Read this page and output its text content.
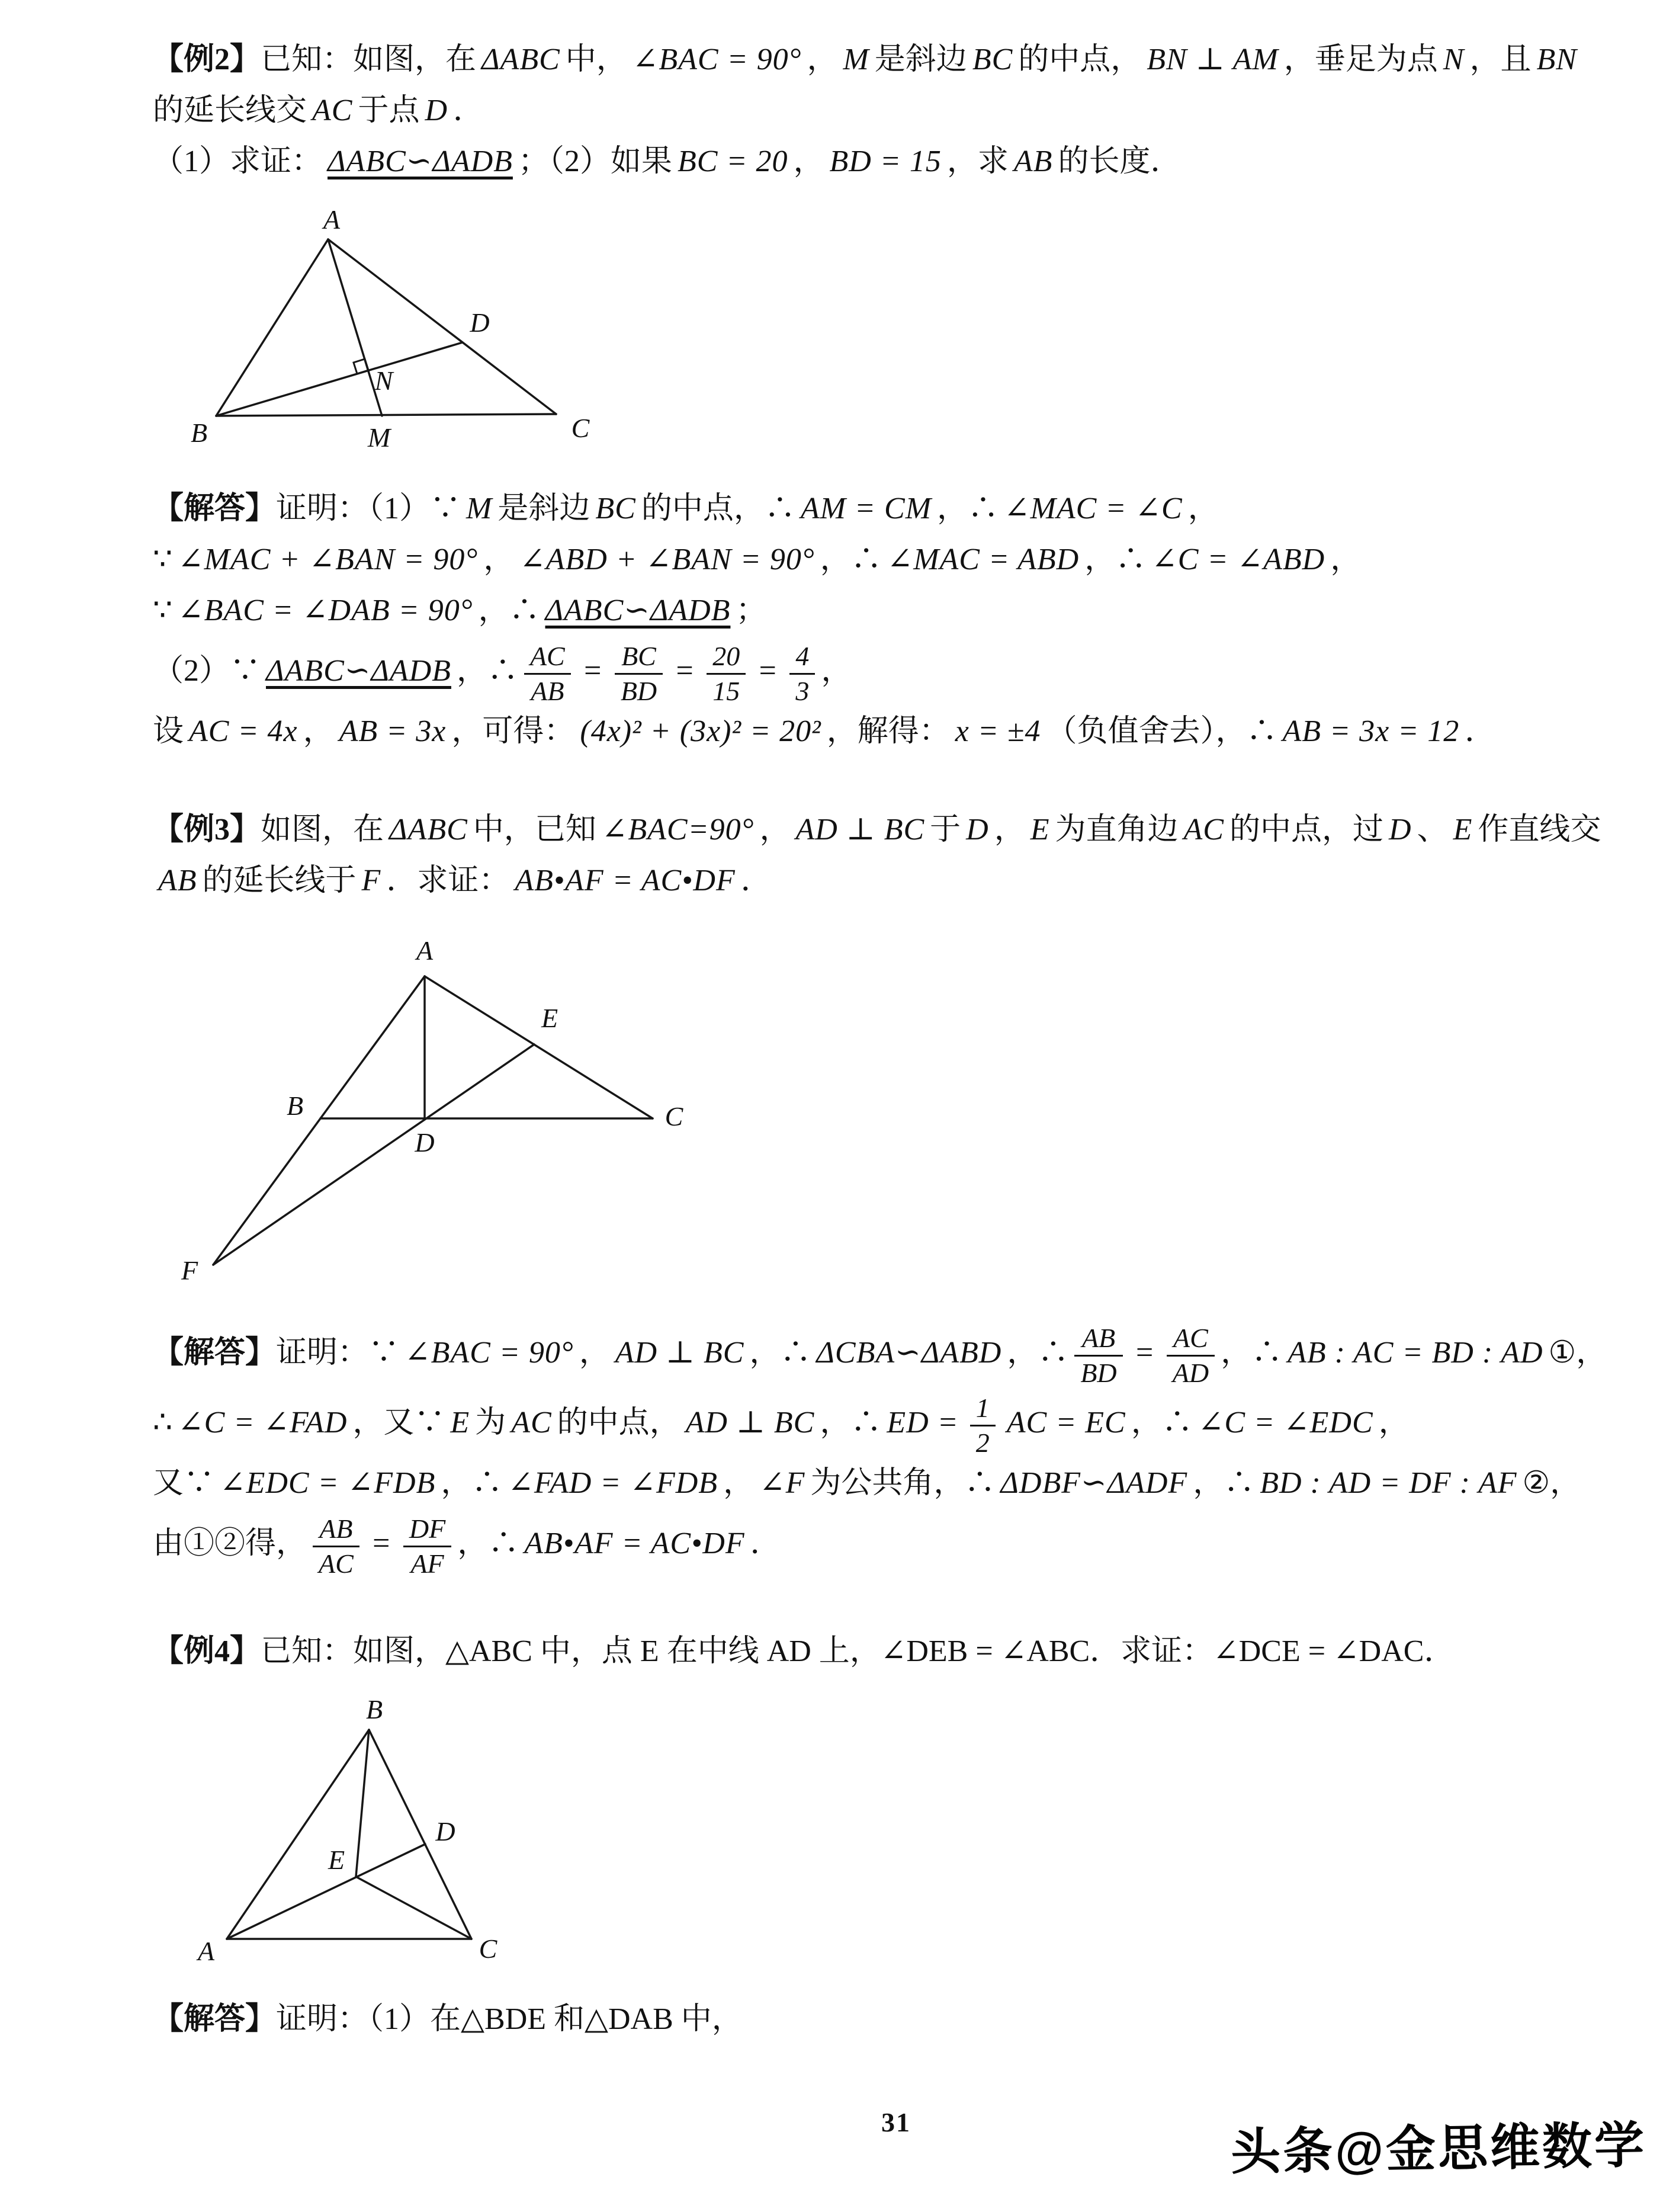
【例2】已知：如图，在 ΔABC 中， ∠BAC = 90° ， M 是斜边 BC 的中点， BN ⊥ AM ，垂足为点 N ，且 BN
的延长线交 AC 于点 D ．
（1）求证： ΔABC∽ΔADB ；（2）如果 BC = 20 ， BD = 15 ，求 AB 的长度．
A
B	C
M
D
N
【解答】证明：（1）∵ M 是斜边 BC 的中点，∴ AM = CM ，∴ ∠MAC = ∠C ，
∵ ∠MAC + ∠BAN = 90° ， ∠ABD + ∠BAN = 90° ，∴ ∠MAC = ABD ，∴ ∠C = ∠ABD ，
∵ ∠BAC = ∠DAB = 90° ，∴ ΔABC∽ΔADB ；
（2）∵ ΔABC∽ΔADB ，∴ $\frac{AC}{AB} = \frac{BC}{BD} = \frac{20}{15} = \frac{4}{3}$ ，
设 AC = 4x ， AB = 3x ，可得： (4x)² + (3x)² = 20² ，解得： x = ±4 （负值舍去），∴ AB = 3x = 12 ．
【例3】如图，在 ΔABC 中，已知 ∠BAC=90° ， AD ⊥ BC 于 D ， E 为直角边 AC 的中点，过 D 、 E 作直线交
AB 的延长线于 F ．求证： AB•AF = AC•DF ．
A
B	C
D
E
F
【解答】证明：∵ ∠BAC = 90° ， AD ⊥ BC ，∴ ΔCBA∽ΔABD ，∴ $\frac{AB}{BD} = \frac{AC}{AD}$ ，∴ AB : AC = BD : AD ①，
∴ ∠C = ∠FAD ，又∵ E 为 AC 的中点， AD ⊥ BC ，∴ ED = $\frac{1}{2}$ AC = EC ，∴ ∠C = ∠EDC ，
又∵ ∠EDC = ∠FDB ，∴ ∠FAD = ∠FDB ， ∠F 为公共角，∴ ΔDBF∽ΔADF ，∴ BD : AD = DF : AF ②，
由①②得， $\frac{AB}{AC} = \frac{DF}{AF}$ ，∴ AB•AF = AC•DF ．
【例4】已知：如图，△ABC 中，点 E 在中线 AD 上，∠DEB = ∠ABC．求证：∠DCE = ∠DAC．
B
A	C
D
E
【解答】证明：（1）在△BDE 和△DAB 中，
31	头条@金思维数学
